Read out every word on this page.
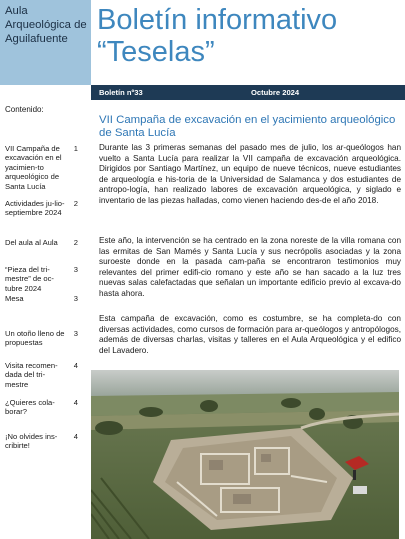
Aula Arqueológica de Aguilafuente
Contenido:
VII Campaña de excavación en el yacimien-to arqueológico de Santa Lucía
1
Actividades ju-lio-septiembre 2024
2
Del aula al Aula	2
“Pieza del tri-mestre” de oc-tubre 2024
3
Mesa	3
Un otoño lleno de propuestas
3
Visita recomen-dada del tri-mestre
4
¿Quieres cola-borar?
4
¡No olvides ins-cribirte!
4
Boletín informativo
“Teselas”
Boletín nº33	Octubre 2024
VII Campaña de excavación en el yacimiento arqueológico de Santa Lucía

Durante las 3 primeras semanas del pasado mes de julio, los ar-queólogos han vuelto a Santa Lucía para realizar la VII campaña de excavación arqueológica. Dirigidos por Santiago Martínez, un equipo de nueve técnicos, nueve estudiantes de arqueología e his-toria de la Universidad de Salamanca y dos estudiantes de antropo-logía, han realizado labores de excavación arqueológica, y siglado e inventario de las piezas halladas, como vienen haciendo des-de el año 2018.

Este año, la intervención se ha centrado en la zona noreste de la villa romana con las ermitas de San Mamés y Santa Lucía y sus necrópolis asociadas y la zona suroeste donde en la pasada cam-paña se encontraron testimonios muy relevantes del primer edifi-cio romano y este año se han sacado a la luz tres nuevas salas calefactadas que señalan un importante edificio previo al excava-do hasta ahora.

Esta campaña de excavación, como es costumbre, se ha completa-do con diversas actividades, como cursos de formación para ar-queólogos y antropólogos, además de diversas charlas, visitas y talleres en el Aula Arqueológica y el edifico del Lavadero.
